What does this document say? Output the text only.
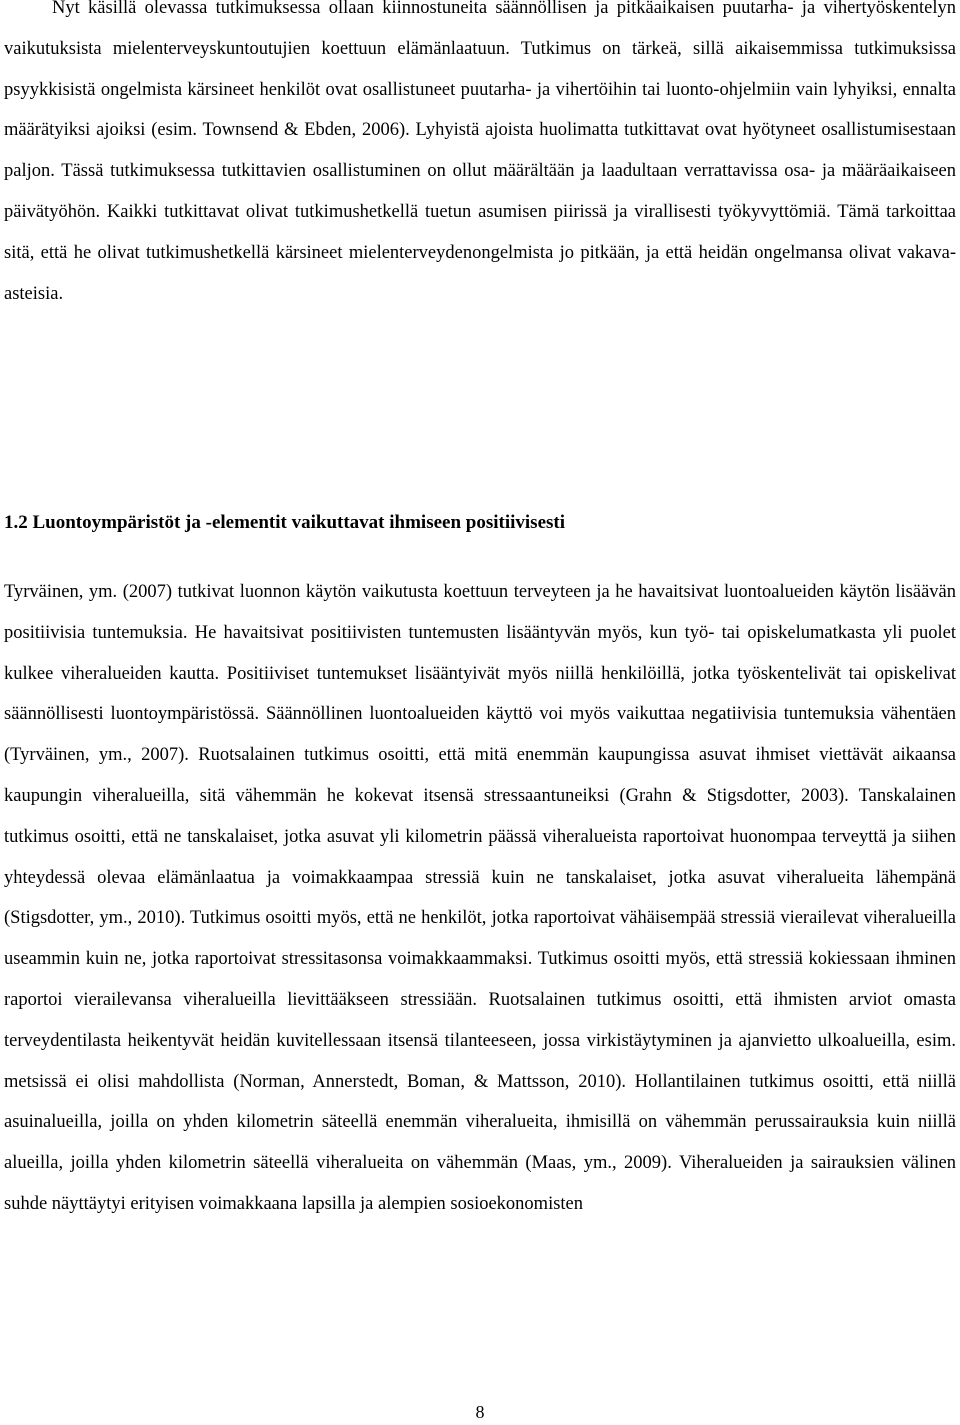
Nyt käsillä olevassa tutkimuksessa ollaan kiinnostuneita säännöllisen ja pitkäaikaisen puutarha- ja vihertyöskentelyn vaikutuksista mielenterveyskuntoutujien koettuun elämänlaatuun. Tutkimus on tärkeä, sillä aikaisemmissa tutkimuksissa psyykkisistä ongelmista kärsineet henkilöt ovat osallistuneet puutarha- ja vihertöihin tai luonto-ohjelmiin vain lyhyiksi, ennalta määrätyiksi ajoiksi (esim. Townsend & Ebden, 2006). Lyhyistä ajoista huolimatta tutkittavat ovat hyötyneet osallistumisestaan paljon. Tässä tutkimuksessa tutkittavien osallistuminen on ollut määrältään ja laadultaan verrattavissa osa- ja määräaikaiseen päivätyöhön. Kaikki tutkittavat olivat tutkimushetkellä tuetun asumisen piirissä ja virallisesti työkyvyttömiä. Tämä tarkoittaa sitä, että he olivat tutkimushetkellä kärsineet mielenterveydenongelmista jo pitkään, ja että heidän ongelmansa olivat vakava-asteisia.

1.2 Luontoympäristöt ja -elementit vaikuttavat ihmiseen positiivisesti

Tyrväinen, ym. (2007) tutkivat luonnon käytön vaikutusta koettuun terveyteen ja he havaitsivat luontoalueiden käytön lisäävän positiivisia tuntemuksia. He havaitsivat positiivisten tuntemusten lisääntyvän myös, kun työ- tai opiskelumatkasta yli puolet kulkee viheralueiden kautta. Positiiviset tuntemukset lisääntyivät myös niillä henkilöillä, jotka työskentelivät tai opiskelivat säännöllisesti luontoympäristössä. Säännöllinen luontoalueiden käyttö voi myös vaikuttaa negatiivisia tuntemuksia vähentäen (Tyrväinen, ym., 2007). Ruotsalainen tutkimus osoitti, että mitä enemmän kaupungissa asuvat ihmiset viettävät aikaansa kaupungin viheralueilla, sitä vähemmän he kokevat itsensä stressaantuneiksi (Grahn & Stigsdotter, 2003). Tanskalainen tutkimus osoitti, että ne tanskalaiset, jotka asuvat yli kilometrin päässä viheralueista raportoivat huonompaa terveyttä ja siihen yhteydessä olevaa elämänlaatua ja voimakkaampaa stressiä kuin ne tanskalaiset, jotka asuvat viheralueita lähempänä (Stigsdotter, ym., 2010). Tutkimus osoitti myös, että ne henkilöt, jotka raportoivat vähäisempää stressiä vierailevat viheralueilla useammin kuin ne, jotka raportoivat stressitasonsa voimakkaammaksi. Tutkimus osoitti myös, että stressiä kokiessaan ihminen raportoi vierailevansa viheralueilla lievittääkseen stressiään. Ruotsalainen tutkimus osoitti, että ihmisten arviot omasta terveydentilasta heikentyvät heidän kuvitellessaan itsensä tilanteeseen, jossa virkistäytyminen ja ajanvietto ulkoalueilla, esim. metsissä ei olisi mahdollista (Norman, Annerstedt, Boman, & Mattsson, 2010). Hollantilainen tutkimus osoitti, että niillä asuinalueilla, joilla on yhden kilometrin säteellä enemmän viheralueita, ihmisillä on vähemmän perussairauksia kuin niillä alueilla, joilla yhden kilometrin säteellä viheralueita on vähemmän (Maas, ym., 2009). Viheralueiden ja sairauksien välinen suhde näyttäytyi erityisen voimakkaana lapsilla ja alempien sosioekonomisten

8
